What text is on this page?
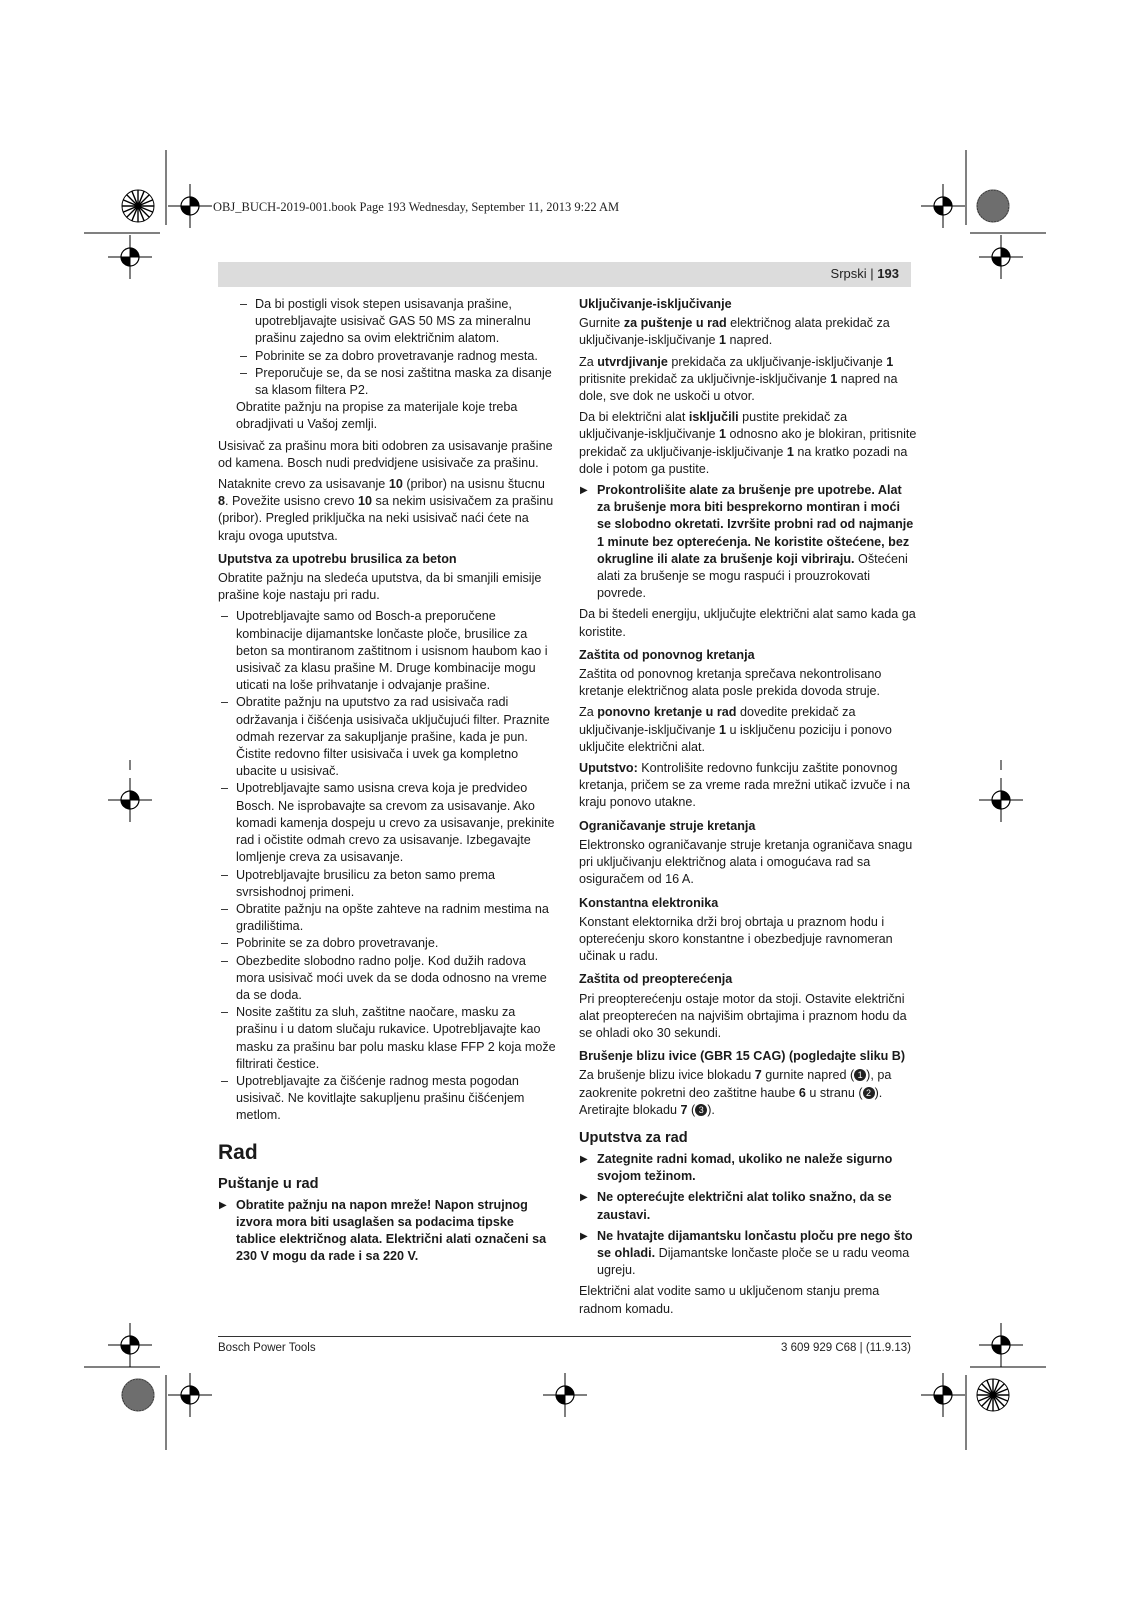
OBJ_BUCH-2019-001.book Page 193 Wednesday, September 11, 2013 9:22 AM
Srpski | 193
– Da bi postigli visok stepen usisavanja prašine, upotrebljavajte usisivač GAS 50 MS za mineralnu prašinu zajedno sa ovim električnim alatom.
– Pobrinite se za dobro provetravanje radnog mesta.
– Preporučuje se, da se nosi zaštitna maska za disanje sa klasom filtera P2.

Obratite pažnju na propise za materijale koje treba obradjivati u Vašoj zemlji.

Usisivač za prašinu mora biti odobren za usisavanje prašine od kamena. Bosch nudi predvidjene usisivače za prašinu.

Nataknite crevo za usisavanje 10 (pribor) na usisnu štucnu 8. Povežite usisno crevo 10 sa nekim usisivačem za prašinu (pribor). Pregled priključka na neki usisivač naći ćete na kraju ovoga uputstva.

Uputstva za upotrebu brusilica za beton

Obratite pažnju na sledeća uputstva, da bi smanjili emisije prašine koje nastaju pri radu.

– Upotrebljavajte samo od Bosch-a preporučene kombinacije dijamantske lončaste ploče, brusilice za beton sa montiranom zaštitnom i usisnom haubom kao i usisivač za klasu prašine M. Druge kombinacije mogu uticati na loše prihvatanje i odvajanje prašine.
– Obratite pažnju na uputstvo za rad usisivača radi održavanja i čišćenja usisivača uključujući filter. Praznite odmah rezervar za sakupljanje prašine, kada je pun. Čistite redovno filter usisivača i uvek ga kompletno ubacite u usisivač.
– Upotrebljavajte samo usisna creva koja je predvideo Bosch. Ne isprobavajte sa crevom za usisavanje. Ako komadi kamenja dospeju u crevo za usisavanje, prekinite rad i očistite odmah crevo za usisavanje. Izbegavajte lomljenje creva za usisavanje.
– Upotrebljavajte brusilicu za beton samo prema svrsishodnoj primeni.
– Obratite pažnju na opšte zahteve na radnim mestima na gradilištima.
– Pobrinite se za dobro provetravanje.
– Obezbedite slobodno radno polje. Kod dužih radova mora usisivač moći uvek da se doda odnosno na vreme da se doda.
– Nosite zaštitu za sluh, zaštitne naočare, masku za prašinu i u datom slučaju rukavice. Upotrebljavajte kao masku za prašinu bar polu masku klase FFP 2 koja može filtrirati čestice.
– Upotrebljavajte za čišćenje radnog mesta pogodan usisivač. Ne kovitlajte sakupljenu prašinu čišćenjem metlom.
Rad
Puštanje u rad

▶ Obratite pažnju na napon mreže! Napon strujnog izvora mora biti usaglašen sa podacima tipske tablice električnog alata. Električni alati označeni sa 230 V mogu da rade i sa 220 V.

Uključivanje-isključivanje

Gurnite za puštenje u rad električnog alata prekidač za uključivanje-isključivanje 1 napred.

Za utvrdjivanje prekidača za uključivanje-isključivanje 1 pritisnite prekidač za uključivnje-isključivanje 1 napred na dole, sve dok ne uskoči u otvor.

Da bi električni alat isključili pustite prekidač za uključivanje-isključivanje 1 odnosno ako je blokiran, pritisnite prekidač za uključivanje-isključivanje 1 na kratko pozadi na dole i potom ga pustite.

▶ Prokontrolišite alate za brušenje pre upotrebe. Alat za brušenje mora biti besprekorno montiran i moći se slobodno okretati. Izvršite probni rad od najmanje 1 minute bez opterećenja. Ne koristite oštećene, bez okrugline ili alate za brušenje koji vibriraju. Oštećeni alati za brušenje se mogu raspući i prouzrokovati povrede.

Da bi štedeli energiju, uključujte električni alat samo kada ga koristite.

Zaštita od ponovnog kretanja

Zaštita od ponovnog kretanja sprečava nekontrolisano kretanje električnog alata posle prekida dovoda struje.

Za ponovno kretanje u rad dovedite prekidač za uključivanje-isključivanje 1 u isključenu poziciju i ponovo uključite električni alat.

Uputstvo: Kontrolišite redovno funkciju zaštite ponovnog kretanja, pričem se za vreme rada mrežni utikač izvuče i na kraju ponovo utakne.

Ograničavanje struje kretanja

Elektronsko ograničavanje struje kretanja ograničava snagu pri uključivanju električnog alata i omogućava rad sa osiguračem od 16 A.

Konstantna elektronika

Konstant elektornika drži broj obrtaja u praznom hodu i opterećenju skoro konstantne i obezbedjuje ravnomeran učinak u radu.

Zaštita od preopterećenja

Pri preopterećenju ostaje motor da stoji. Ostavite električni alat preopterećen na najvišim obrtajima i praznom hodu da se ohladi oko 30 sekundi.

Brušenje blizu ivice (GBR 15 CAG) (pogledajte sliku B)

Za brušenje blizu ivice blokadu 7 gurnite napred ( 1 ), pa zaokrenite pokretni deo zaštitne haube 6 u stranu ( 2 ). Aretirajte blokadu 7 ( 3 ).

Uputstva za rad

▶ Zategnite radni komad, ukoliko ne naleže sigurno svojom težinom.

▶ Ne opterećujte električni alat toliko snažno, da se zaustavi.

▶ Ne hvatajte dijamantsku lončastu ploču pre nego što se ohladi. Dijamantske lončaste ploče se u radu veoma ugreju.

Električni alat vodite samo u uključenom stanju prema radnom komadu.

Bosch Power Tools	3 609 929 C68 | (11.9.13)
